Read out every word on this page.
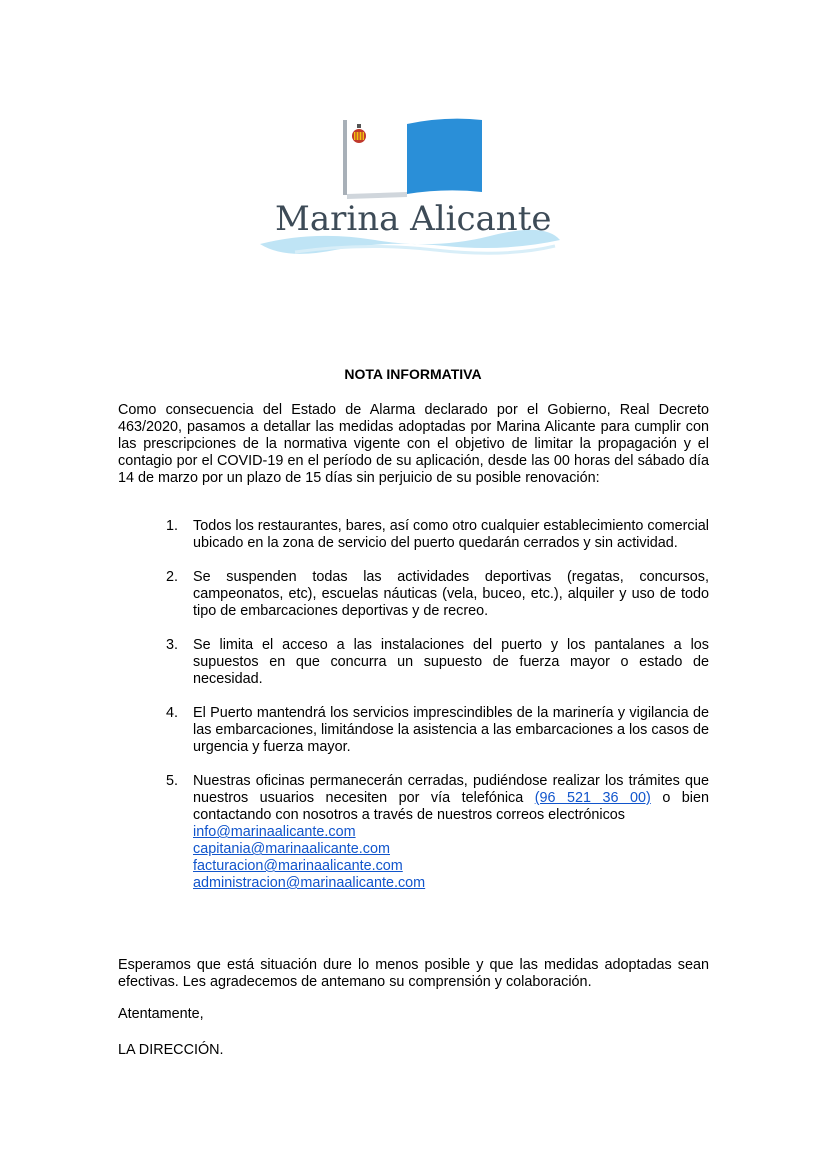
Marina Alicante
NOTA INFORMATIVA
Como consecuencia del Estado de Alarma declarado por el Gobierno, Real Decreto 463/2020, pasamos a detallar las medidas adoptadas por Marina Alicante para cumplir con las prescripciones de la normativa vigente con el objetivo de limitar la propagación y el contagio por el COVID-19 en el período de su aplicación, desde las 00 horas del sábado día 14 de marzo por un plazo de 15 días sin perjuicio de su posible renovación:
1. Todos los restaurantes, bares, así como otro cualquier establecimiento comercial ubicado en la zona de servicio del puerto quedarán cerrados y sin actividad.
2. Se suspenden todas las actividades deportivas (regatas, concursos, campeonatos, etc), escuelas náuticas (vela, buceo, etc.), alquiler y uso de todo tipo de embarcaciones deportivas y de recreo.
3. Se limita el acceso a las instalaciones del puerto y los pantalanes a los supuestos en que concurra un supuesto de fuerza mayor o estado de necesidad.
4. El Puerto mantendrá los servicios imprescindibles de la marinería y vigilancia de las embarcaciones, limitándose la asistencia a las embarcaciones a los casos de urgencia y fuerza mayor.
5. Nuestras oficinas permanecerán cerradas, pudiéndose realizar los trámites que nuestros usuarios necesiten por vía telefónica (96 521 36 00) o bien contactando con nosotros a través de nuestros correos electrónicos
info@marinaalicante.com
capitania@marinaalicante.com
facturacion@marinaalicante.com
administracion@marinaalicante.com
Esperamos que está situación dure lo menos posible y que las medidas adoptadas sean efectivas. Les agradecemos de antemano su comprensión y colaboración.
Atentamente,
LA DIRECCIÓN.
